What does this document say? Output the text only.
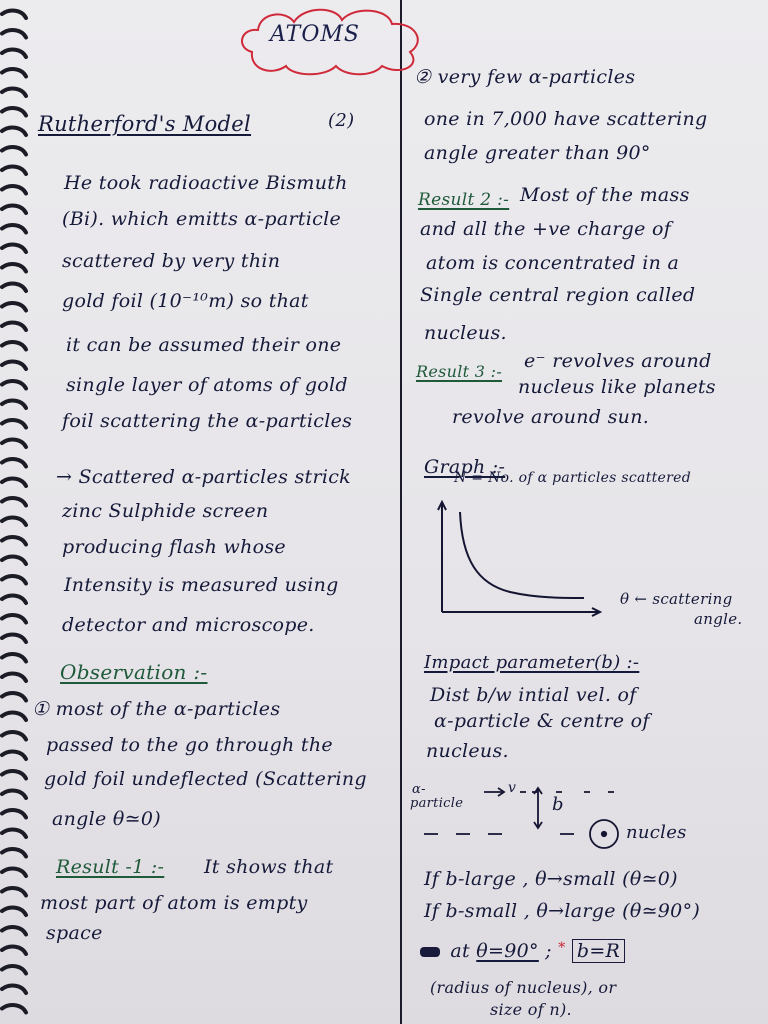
ATOMS
Rutherford's Model	(2)
He took radioactive Bismuth
(Bi). which emitts α-particle
scattered by very thin
gold foil (10⁻¹⁰m) so that
it can be assumed their one
single layer of atoms of gold
foil scattering the α-particles
→ Scattered α-particles strick
zinc Sulphide screen
producing flash whose
Intensity is measured using
detector and microscope.
Observation :-
① most of the α-particles
passed to the go through the
gold foil undeflected (Scattering
angle θ≃0)
Result -1 :- It shows that
most part of atom is empty
space
② very few α-particles
one in 7,000 have scattering
angle greater than 90°
Result 2 :- Most of the mass
and all the +ve charge of
atom is concentrated in a
Single central region called
nucleus.
Result 3 :- e⁻ revolves around
nucleus like planets
revolve around sun.
Graph :-
N = No. of α particles scattered
θ ← scattering
angle.
Impact parameter(b) :-
Dist b/w intial vel. of
α-particle & centre of
nucleus.
α-
particle
v
b
nucles
If b-large , θ→small (θ≃0)
If b-small , θ→large (θ≃90°)
at θ=90° ; * b=R
(radius of nucleus), or
size of n).
